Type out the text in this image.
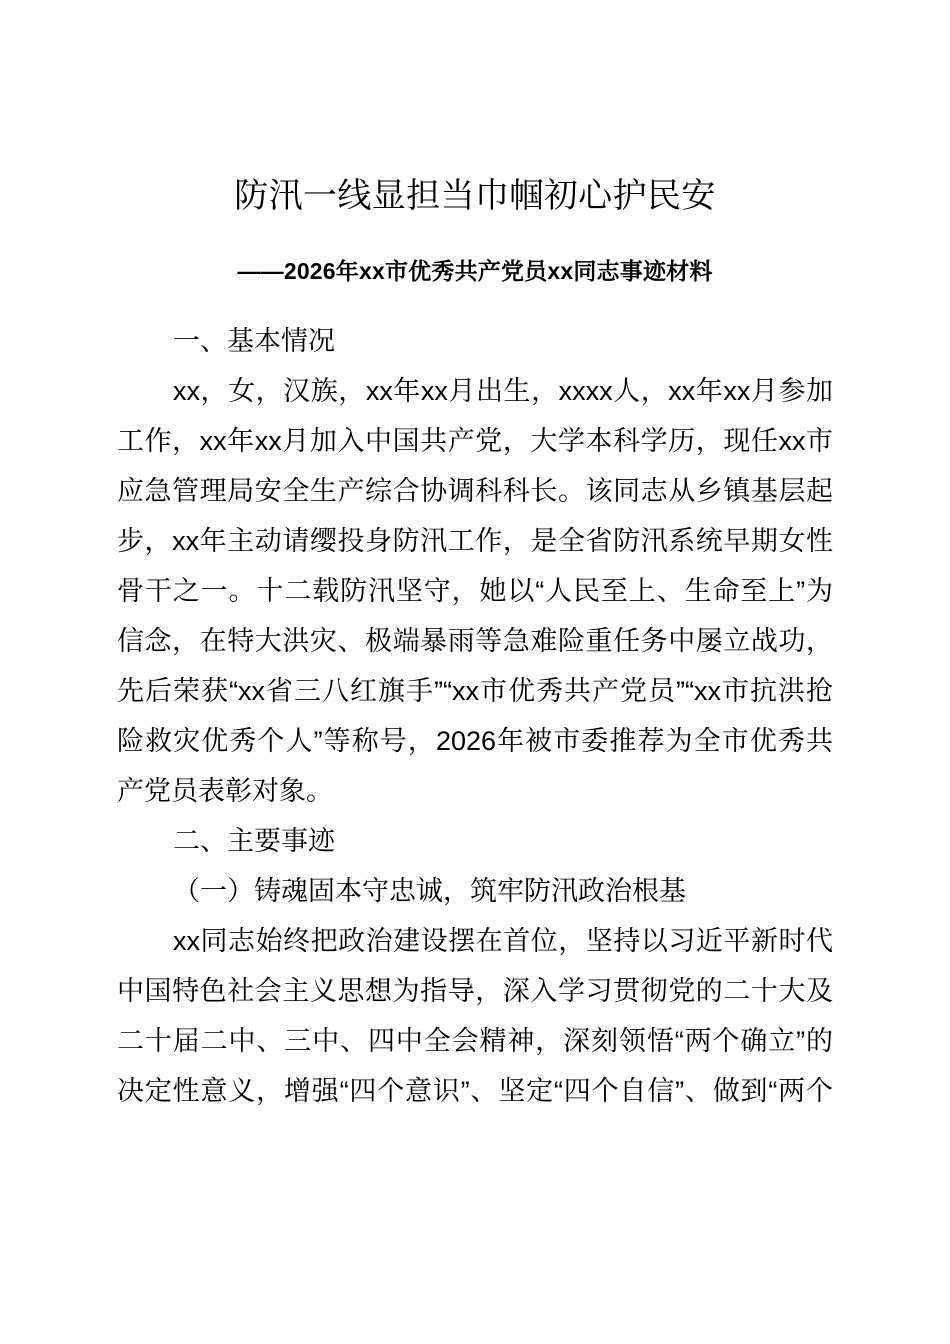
防汛一线显担当巾帼初心护民安
——2026年xx市优秀共产党员xx同志事迹材料

一、基本情况

xx，女，汉族，xx年xx月出生，xxxx人，xx年xx月参加工作，xx年xx月加入中国共产党，大学本科学历，现任xx市应急管理局安全生产综合协调科科长。该同志从乡镇基层起步，xx年主动请缨投身防汛工作，是全省防汛系统早期女性骨干之一。十二载防汛坚守，她以“人民至上、生命至上”为信念，在特大洪灾、极端暴雨等急难险重任务中屡立战功，先后荣获“xx省三八红旗手”“xx市优秀共产党员”“xx市抗洪抢险救灾优秀个人”等称号，2026年被市委推荐为全市优秀共产党员表彰对象。

二、主要事迹

（一）铸魂固本守忠诚，筑牢防汛政治根基

xx同志始终把政治建设摆在首位，坚持以习近平新时代中国特色社会主义思想为指导，深入学习贯彻党的二十大及二十届二中、三中、四中全会精神，深刻领悟“两个确立”的决定性意义，增强“四个意识”、坚定“四个自信”、做到“两个
